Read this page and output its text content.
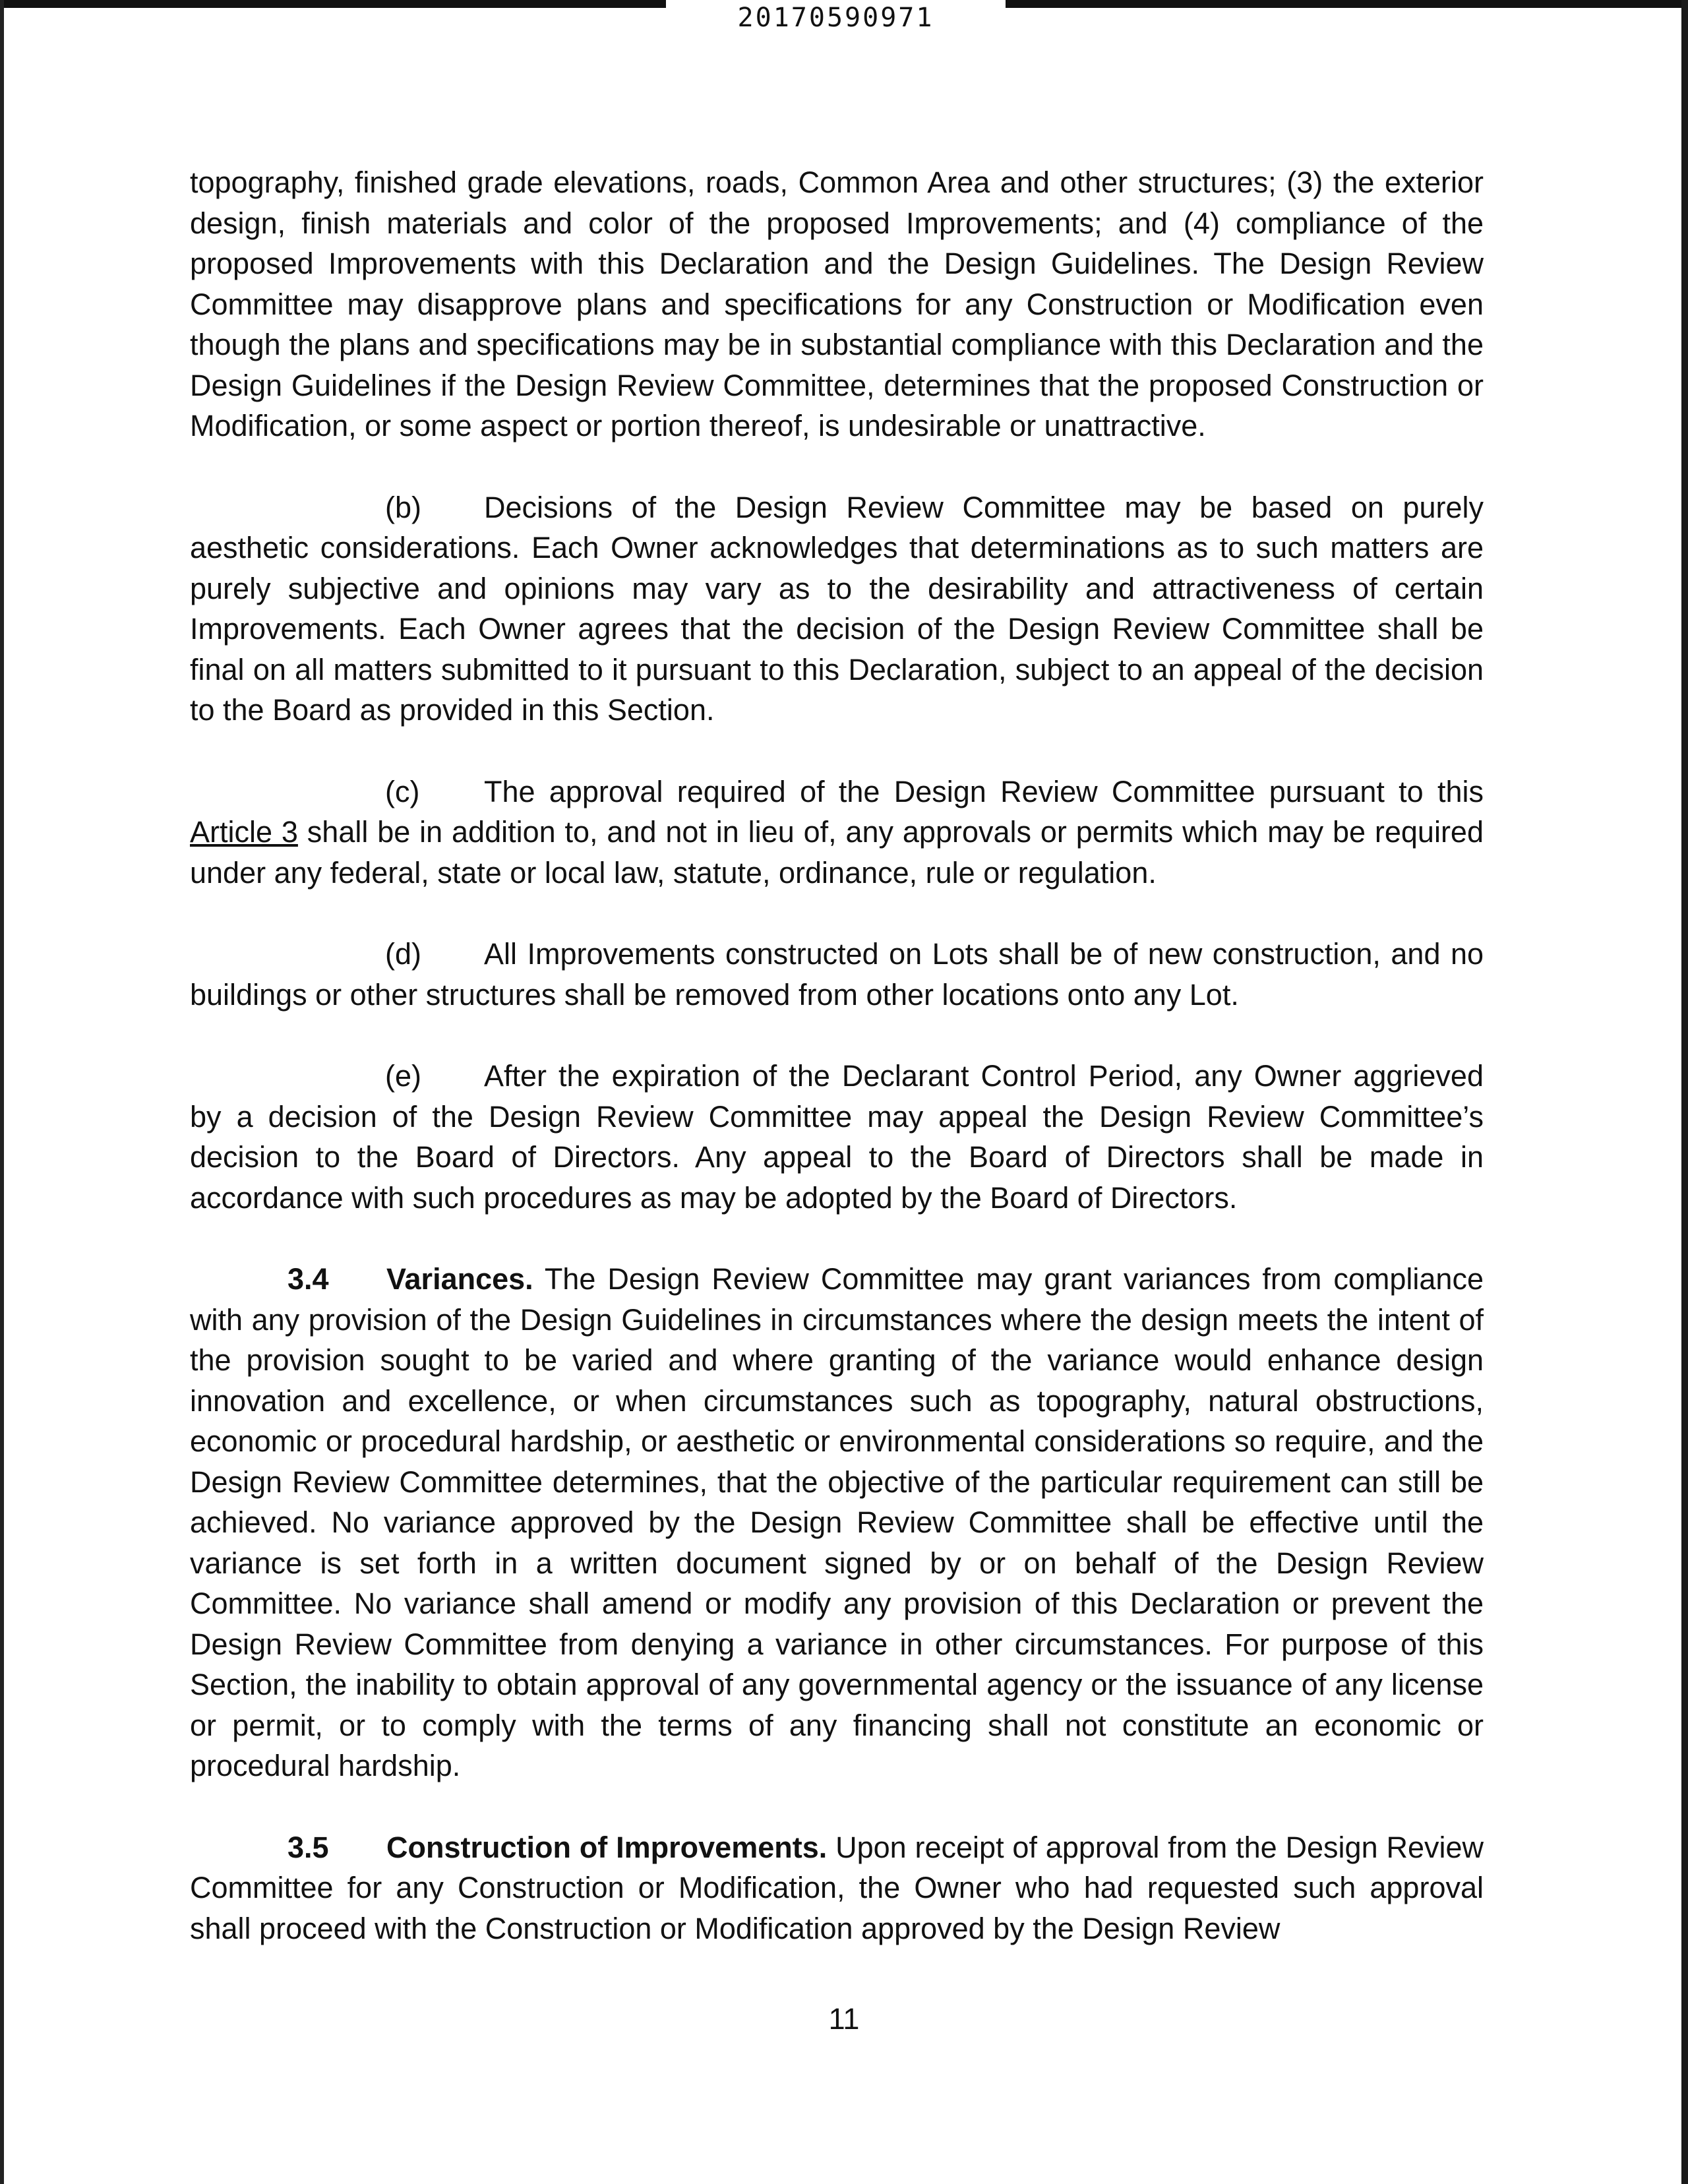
20170590971

topography, finished grade elevations, roads, Common Area and other structures; (3) the exterior design, finish materials and color of the proposed Improvements; and (4) compliance of the proposed Improvements with this Declaration and the Design Guidelines. The Design Review Committee may disapprove plans and specifications for any Construction or Modification even though the plans and specifications may be in substantial compliance with this Declaration and the Design Guidelines if the Design Review Committee, determines that the proposed Construction or Modification, or some aspect or portion thereof, is undesirable or unattractive.

(b) Decisions of the Design Review Committee may be based on purely aesthetic considerations. Each Owner acknowledges that determinations as to such matters are purely subjective and opinions may vary as to the desirability and attractiveness of certain Improvements. Each Owner agrees that the decision of the Design Review Committee shall be final on all matters submitted to it pursuant to this Declaration, subject to an appeal of the decision to the Board as provided in this Section.

(c) The approval required of the Design Review Committee pursuant to this Article 3 shall be in addition to, and not in lieu of, any approvals or permits which may be required under any federal, state or local law, statute, ordinance, rule or regulation.

(d) All Improvements constructed on Lots shall be of new construction, and no buildings or other structures shall be removed from other locations onto any Lot.

(e) After the expiration of the Declarant Control Period, any Owner aggrieved by a decision of the Design Review Committee may appeal the Design Review Committee’s decision to the Board of Directors. Any appeal to the Board of Directors shall be made in accordance with such procedures as may be adopted by the Board of Directors.

3.4 Variances. The Design Review Committee may grant variances from compliance with any provision of the Design Guidelines in circumstances where the design meets the intent of the provision sought to be varied and where granting of the variance would enhance design innovation and excellence, or when circumstances such as topography, natural obstructions, economic or procedural hardship, or aesthetic or environmental considerations so require, and the Design Review Committee determines, that the objective of the particular requirement can still be achieved. No variance approved by the Design Review Committee shall be effective until the variance is set forth in a written document signed by or on behalf of the Design Review Committee. No variance shall amend or modify any provision of this Declaration or prevent the Design Review Committee from denying a variance in other circumstances. For purpose of this Section, the inability to obtain approval of any governmental agency or the issuance of any license or permit, or to comply with the terms of any financing shall not constitute an economic or procedural hardship.

3.5 Construction of Improvements. Upon receipt of approval from the Design Review Committee for any Construction or Modification, the Owner who had requested such approval shall proceed with the Construction or Modification approved by the Design Review

11
